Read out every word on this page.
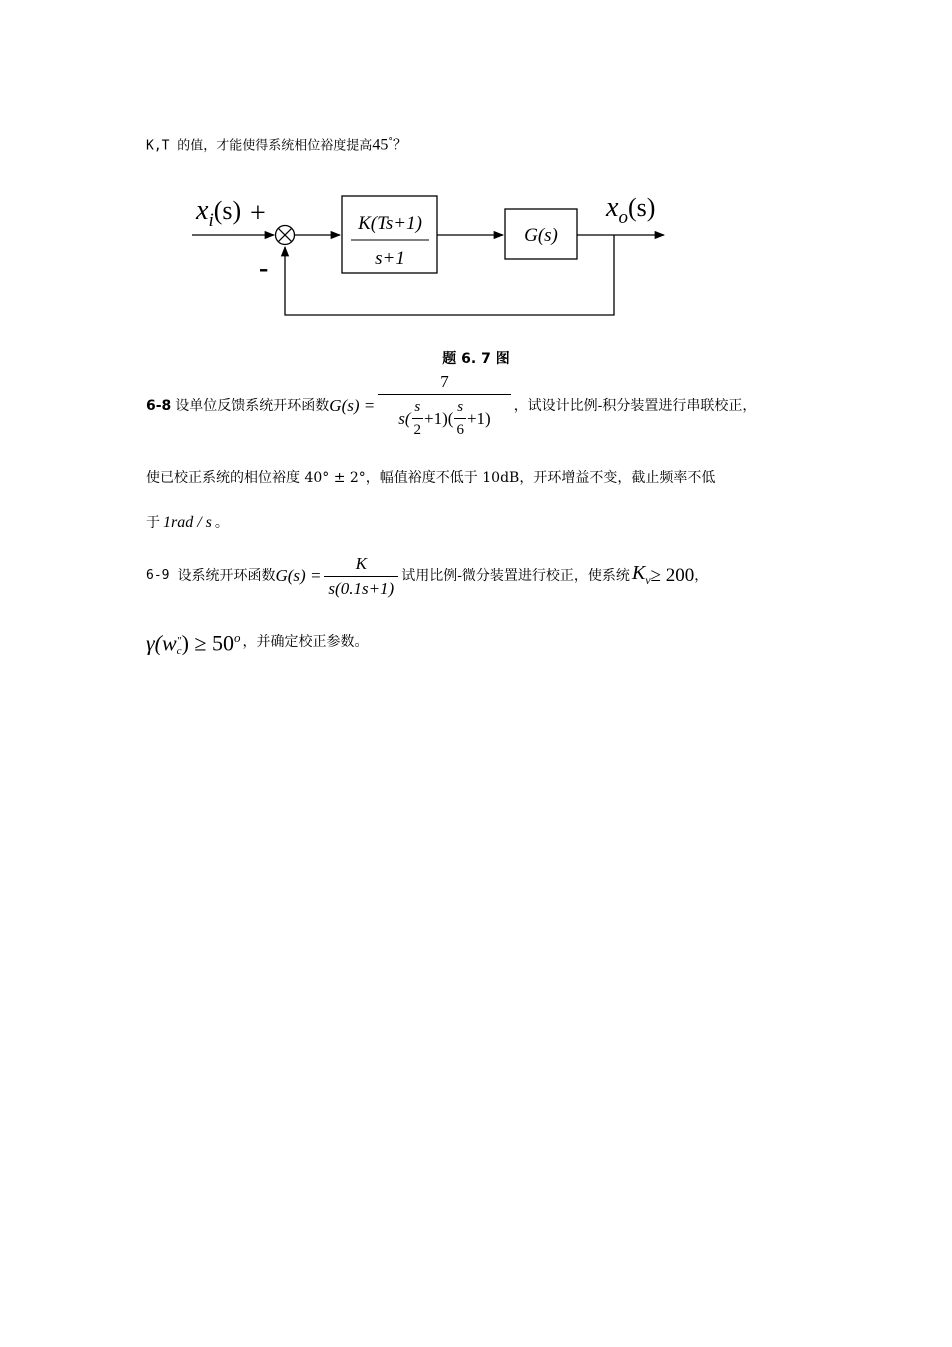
K,T 的值，才能使得系统相位裕度提高45°？
$x_i(s)$ +
-
K(Ts+1)
s+1
G(s)
$x_o(s)$
题 6. 7 图
6-8 设单位反馈系统开环函数 $G(s) = \frac{7}{s( \frac{s}{2} +1)( \frac{s}{6} +1)}$ ，试设计比例-积分装置进行串联校正，
使已校正系统的相位裕度 40° ± 2°，幅值裕度不低于 10dB，开环增益不变，截止频率不低
于 1rad / s 。
6-9 设系统开环函数 $G(s) = \frac{K}{s(0.1s+1)}$ 试用比例-微分装置进行校正，使系统 $K_v \ge 200$ ，
γ(w "
c ) ≥ $50^o$ ，并确定校正参数。
